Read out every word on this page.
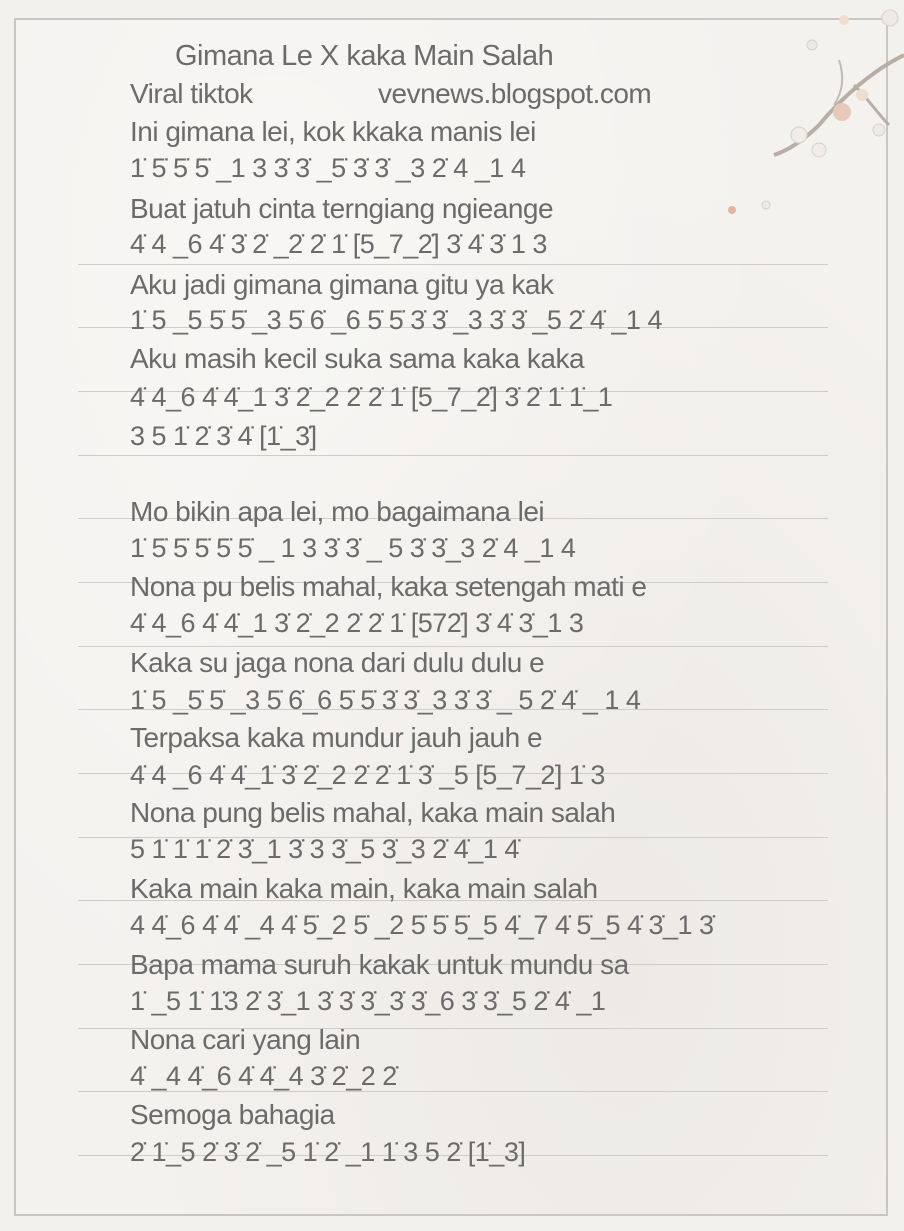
Gimana Le X kaka Main Salah
Viral tiktok	vevnews.blogspot.com
Ini gimana lei, kok kkaka manis lei
1̇ 5̇ 5̇ 5̇ _1 3 3̇ 3̇ _5̇ 3̇ 3̇ _3 2̇ 4 _1 4
Buat jatuh cinta terngiang ngieange
4̇ 4 _6 4̇ 3̇ 2̇ _2̇ 2̇ 1̇ [5_7_2̇] 3̇ 4̇ 3̇ 1 3
Aku jadi gimana gimana gitu ya kak
1̇ 5 _5 5̇ 5̇ _3 5̇ 6̇ _6 5̇ 5̇ 3̇ 3̇ _3 3̇ 3̇ _5 2̇ 4̇ _1 4
Aku masih kecil suka sama kaka kaka
4̇ 4_6 4̇ 4̇_1 3̇ 2̇_2 2̇ 2̇ 1̇ [5_7_2̇] 3̇ 2̇ 1̇ 1̇_1
3 5 1̇ 2̇ 3̇ 4̇ [1̇_3̇]
Mo bikin apa lei, mo bagaimana lei
1̇ 5̇ 5̇ 5̇ 5̇ 5̇ _ 1 3 3̇ 3̇ _ 5 3̇ 3̇_3 2̇ 4 _1 4
Nona pu belis mahal, kaka setengah mati e
4̇ 4_6 4̇ 4̇_1 3̇ 2̇_2 2̇ 2̇ 1̇ [572̇] 3̇ 4̇ 3̇_1 3
Kaka su jaga nona dari dulu dulu e
1̇ 5 _5̇ 5̇ _3 5̇ 6̇_6 5̇ 5̇ 3̇ 3̇_3 3̇ 3̇ _ 5 2̇ 4̇ _ 1 4
Terpaksa kaka mundur jauh jauh e
4̇ 4 _6 4̇ 4̇_1̇ 3̇ 2̇_2 2̇ 2̇ 1̇ 3̇ _5 [5_7_2] 1̇ 3
Nona pung belis mahal, kaka main salah
5 1̇ 1̇ 1̇ 2̇ 3̇_1 3̇ 3 3̇_5 3̇_3 2̇ 4̇_1 4̇
Kaka main kaka main, kaka main salah
4 4̇_6 4̇ 4̇ _4 4̇ 5̇_2 5̇ _2 5̇ 5̇ 5̇_5 4̇_7 4̇ 5̇_5 4̇ 3̇_1 3̇
Bapa mama suruh kakak untuk mundu sa
1̇ _5 1̇ 1̇3 2̇ 3̇_1 3̇ 3̇ 3̇_3̇ 3̇_6 3̇ 3̇_5 2̇ 4̇ _1
Nona cari yang lain
4̇ _4 4̇_6 4̇ 4̇_4 3̇ 2̇_2 2̇
Semoga bahagia
2̇ 1̇_5 2̇ 3̇ 2̇ _5 1̇ 2̇ _1 1̇ 3 5 2̇ [1̇_3]
